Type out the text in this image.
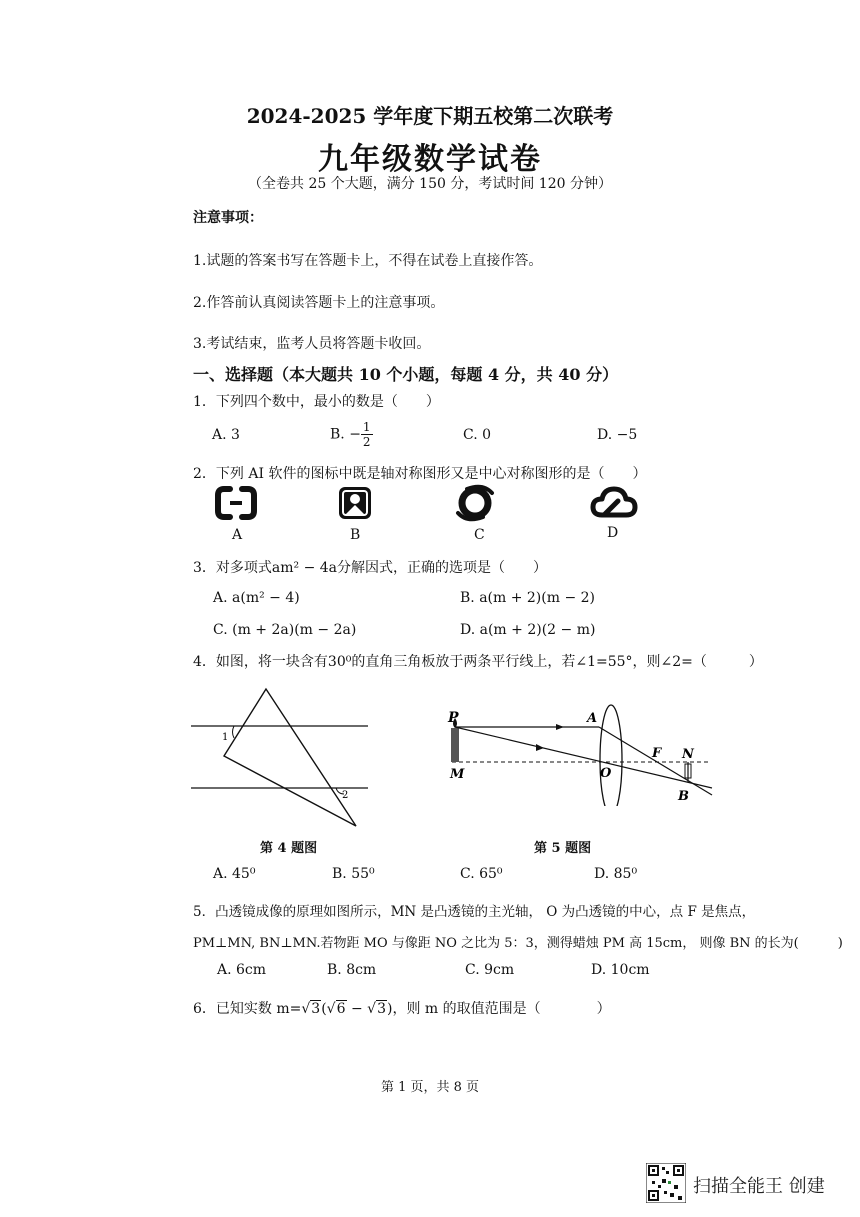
2024-2025 学年度下期五校第二次联考
九年级数学试卷
（全卷共 25 个大题，满分 150 分，考试时间 120 分钟）
注意事项：
1.试题的答案书写在答题卡上，不得在试卷上直接作答。
2.作答前认真阅读答题卡上的注意事项。
3.考试结束，监考人员将答题卡收回。
一、选择题（本大题共 10 个小题，每题 4 分，共 40 分）
1．下列四个数中，最小的数是（　　）
A. 3	B. − $\frac{1}{2}$	C. 0	D. −5
2．下列 AI 软件的图标中既是轴对称图形又是中心对称图形的是（　　）
A	B	C	D
3．对多项式am² − 4a分解因式，正确的选项是（　　）
A. a(m² − 4)	B. a(m + 2)(m − 2)
C. (m + 2a)(m − 2a)	D. a(m + 2)(2 − m)
4．如图，将一块含有30⁰的直角三角板放于两条平行线上，若∠1=55°，则∠2=（　　　）
1
2
第 4 题图
P	A
M	O
F N
B
第 5 题图
A. 45⁰	B. 55⁰	C. 65⁰	D. 85⁰
5．凸透镜成像的原理如图所示，MN 是凸透镜的主光轴， O 为凸透镜的中心，点 F 是焦点，
PM⊥MN, BN⊥MN.若物距 MO 与像距 NO 之比为 5：3，测得蜡烛 PM 高 15cm， 则像 BN 的长为(　　　)
A. 6cm	B. 8cm	C. 9cm	D. 10cm
6．已知实数 m=√3(√6 − √3)，则 m 的取值范围是（　　　　）
第 1 页，共 8 页
扫描全能王 创建
